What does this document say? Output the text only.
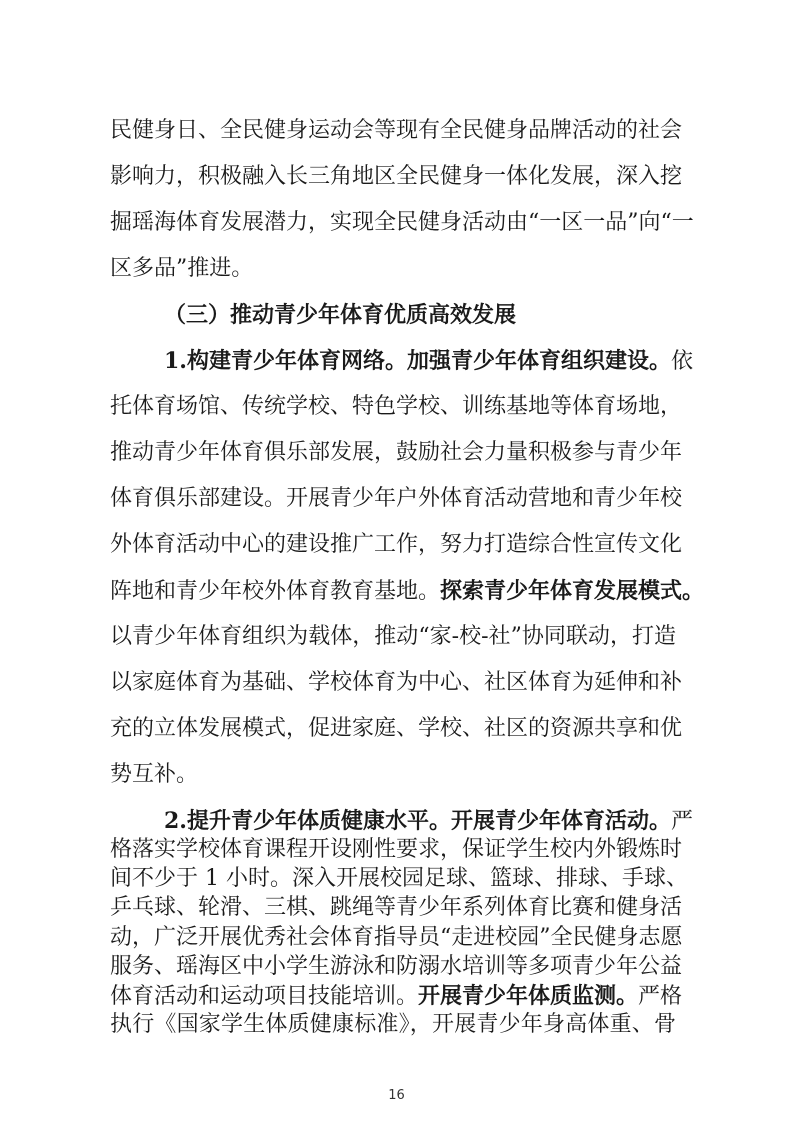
民健身日、全民健身运动会等现有全民健身品牌活动的社会
影响力，积极融入长三角地区全民健身一体化发展，深入挖
掘瑶海体育发展潜力，实现全民健身活动由“一区一品”向“一
区多品”推进。
（三）推动青少年体育优质高效发展
1.构建青少年体育网络。加强青少年体育组织建设。依
托体育场馆、传统学校、特色学校、训练基地等体育场地，
推动青少年体育俱乐部发展，鼓励社会力量积极参与青少年
体育俱乐部建设。开展青少年户外体育活动营地和青少年校
外体育活动中心的建设推广工作，努力打造综合性宣传文化
阵地和青少年校外体育教育基地。探索青少年体育发展模式。
以青少年体育组织为载体，推动“家-校-社”协同联动，打造
以家庭体育为基础、学校体育为中心、社区体育为延伸和补
充的立体发展模式，促进家庭、学校、社区的资源共享和优
势互补。
2.提升青少年体质健康水平。开展青少年体育活动。严
格落实学校体育课程开设刚性要求，保证学生校内外锻炼时
间不少于 1 小时。深入开展校园足球、篮球、排球、手球、
乒乓球、轮滑、三棋、跳绳等青少年系列体育比赛和健身活
动，广泛开展优秀社会体育指导员“走进校园”全民健身志愿
16
服务、瑶海区中小学生游泳和防溺水培训等多项青少年公益
体育活动和运动项目技能培训。开展青少年体质监测。严格
执行《国家学生体质健康标准》，开展青少年身高体重、骨
